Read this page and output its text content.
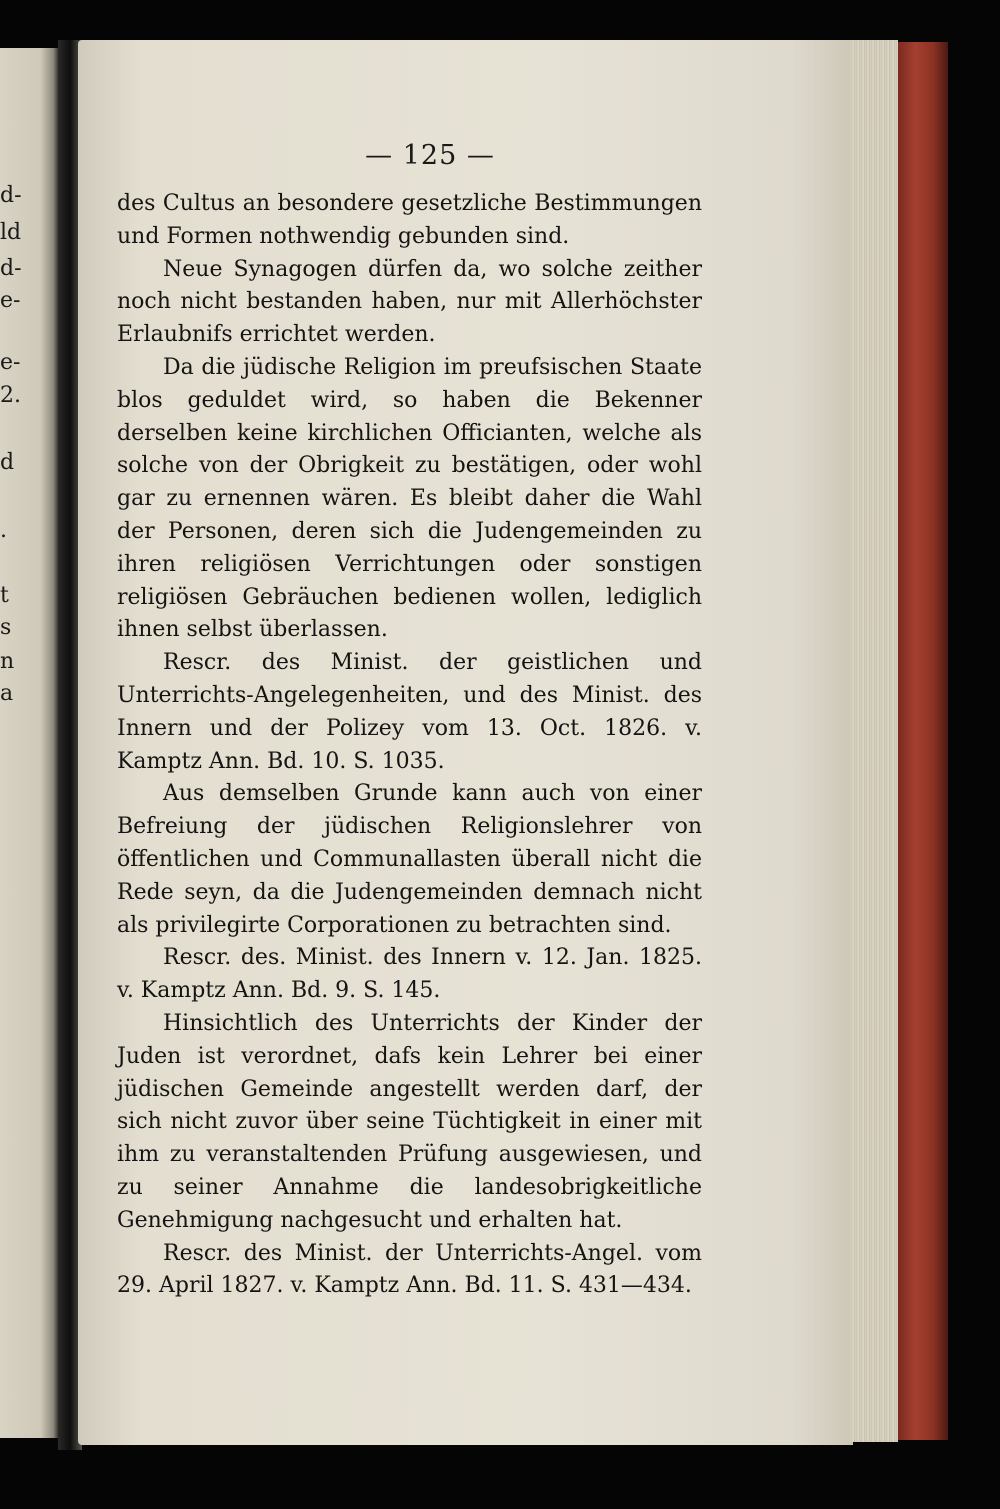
d-
ld
d-
e-
e-
2.
d
.
t
s
n
a
— 125 —

des Cultus an besondere gesetzliche Bestimmungen und Formen nothwendig gebunden sind.

Neue Synagogen dürfen da, wo solche zeither noch nicht bestanden haben, nur mit Allerhöchster Erlaubnifs errichtet werden.

Da die jüdische Religion im preufsischen Staate blos geduldet wird, so haben die Bekenner derselben keine kirchlichen Officianten, welche als solche von der Obrigkeit zu bestätigen, oder wohl gar zu ernennen wären. Es bleibt daher die Wahl der Personen, deren sich die Judengemeinden zu ihren religiösen Verrichtungen oder sonstigen religiösen Gebräuchen bedienen wollen, lediglich ihnen selbst überlassen.

Rescr. des Minist. der geistlichen und Unterrichts-Angelegenheiten, und des Minist. des Innern und der Polizey vom 13. Oct. 1826. v. Kamptz Ann. Bd. 10. S. 1035.

Aus demselben Grunde kann auch von einer Befreiung der jüdischen Religionslehrer von öffentlichen und Communallasten überall nicht die Rede seyn, da die Judengemeinden demnach nicht als privilegirte Corporationen zu betrachten sind.

Rescr. des. Minist. des Innern v. 12. Jan. 1825. v. Kamptz Ann. Bd. 9. S. 145.

Hinsichtlich des Unterrichts der Kinder der Juden ist verordnet, dafs kein Lehrer bei einer jüdischen Gemeinde angestellt werden darf, der sich nicht zuvor über seine Tüchtigkeit in einer mit ihm zu veranstaltenden Prüfung ausgewiesen, und zu seiner Annahme die landesobrigkeitliche Genehmigung nachgesucht und erhalten hat.

Rescr. des Minist. der Unterrichts-Angel. vom 29. April 1827. v. Kamptz Ann. Bd. 11. S. 431—434.
